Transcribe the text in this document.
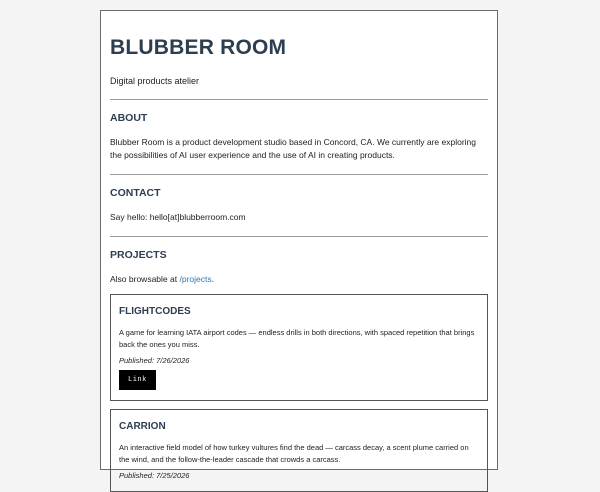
BLUBBER ROOM

Digital products atelier

ABOUT

Blubber Room is a product development studio based in Concord, CA. We currently are exploring the possibilities of AI user experience and the use of AI in creating products.

CONTACT

Say hello: hello[at]blubberroom.com

PROJECTS

Also browsable at /projects.

FLIGHTCODES
A game for learning IATA airport codes — endless drills in both directions, with spaced repetition that brings back the ones you miss.
Published: 7/26/2026
Link
CARRION
An interactive field model of how turkey vultures find the dead — carcass decay, a scent plume carried on the wind, and the follow-the-leader cascade that crowds a carcass.
Published: 7/25/2026
